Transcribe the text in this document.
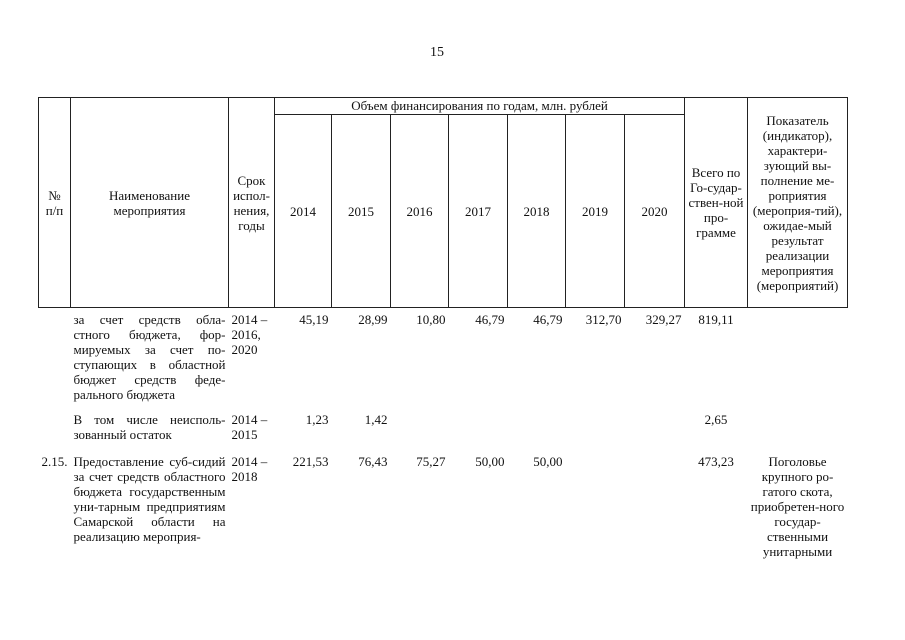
15
№ п/п	Наименование мероприятия	Срок испол-нения, годы	Объем финансирования по годам, млн. рублей							Всего по Го-судар-ствен-ной про-грамме	Показатель (индикатор), характери-зующий вы-полнение ме-роприятия (мероприя-тий), ожидае-мый результат реализации мероприятия (мероприятий)
			2014	2015	2016	2017	2018	2019	2020		
	за счет средств обла-стного бюджета, фор-мируемых за счет по-ступающих в областной бюджет средств феде-рального бюджета	2014 – 2016, 2020	45,19	28,99	10,80	46,79	46,79	312,70	329,27	819,11	
	В том числе неисполь-зованный остаток	2014 – 2015	1,23	1,42						2,65	
2.15.	Предоставление суб-сидий за счет средств областного бюджета государственным уни-тарным предприятиям Самарской области на реализацию мероприя-	2014 – 2018	221,53	76,43	75,27	50,00	50,00			473,23	Поголовье крупного ро-гатого скота, приобретен-ного государ-ственными унитарными
